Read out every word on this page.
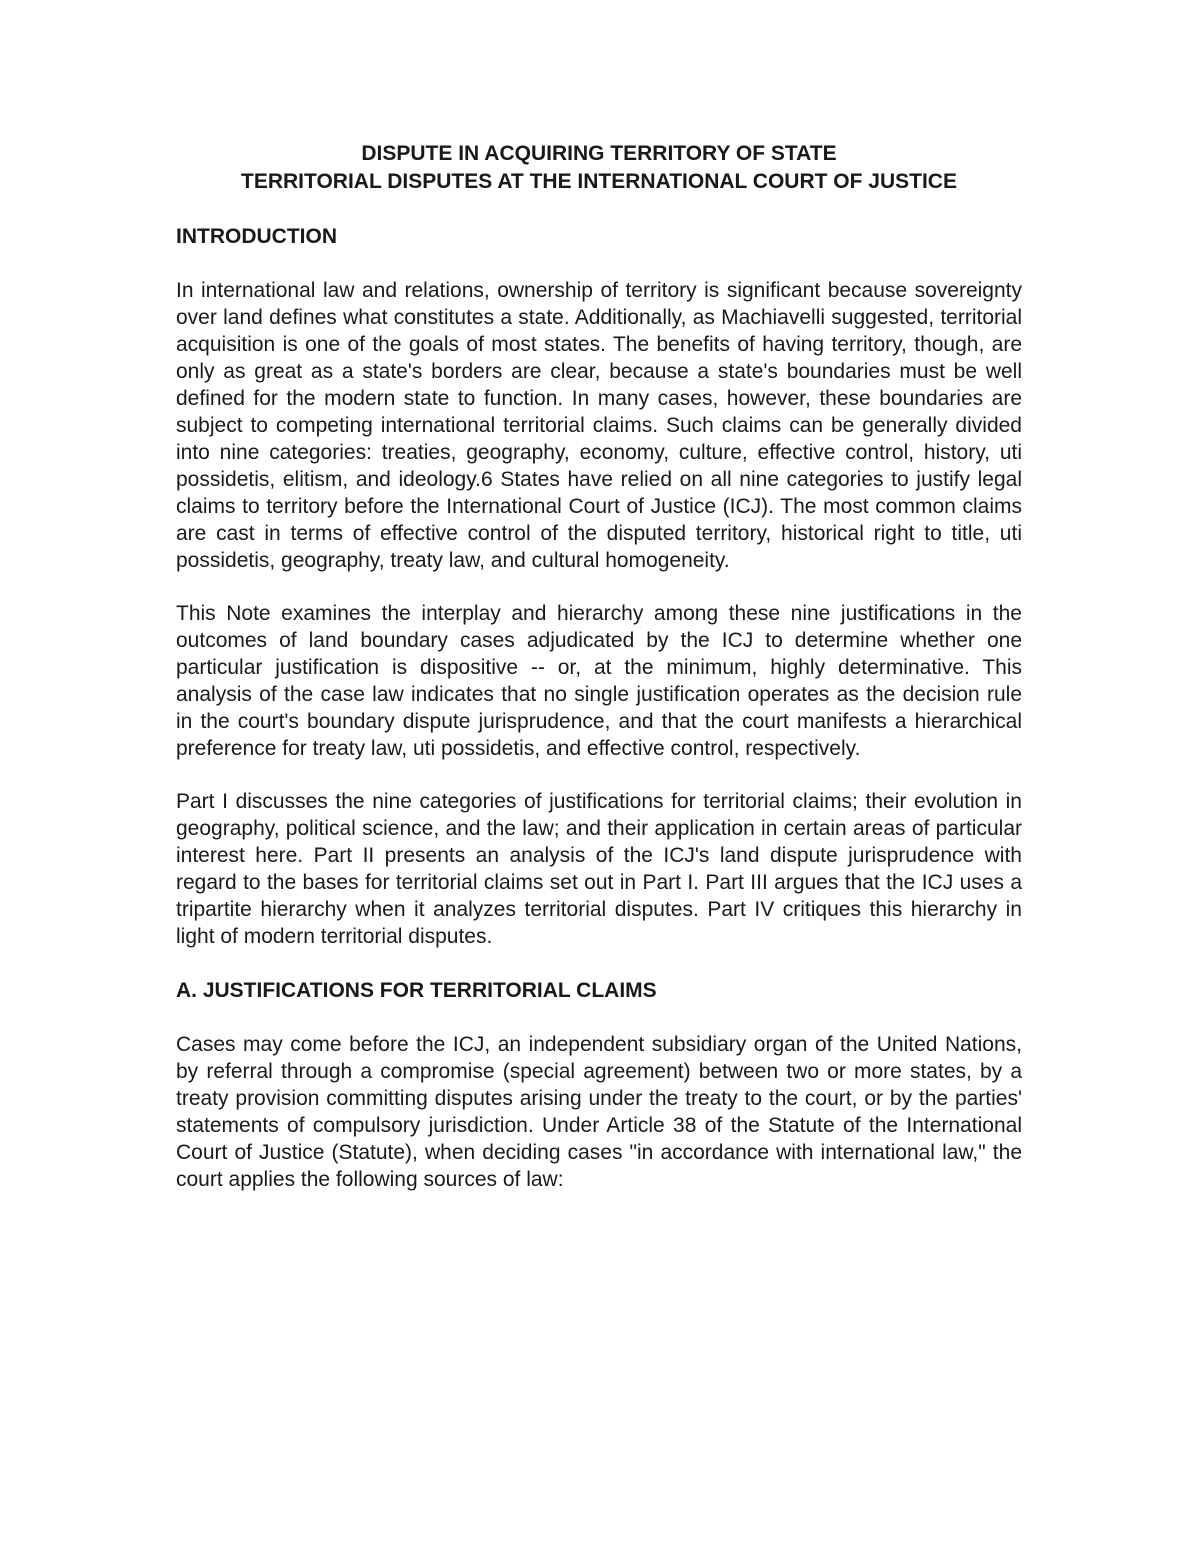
DISPUTE IN ACQUIRING TERRITORY OF STATE

TERRITORIAL DISPUTES AT THE INTERNATIONAL COURT OF JUSTICE

INTRODUCTION

In international law and relations, ownership of territory is significant because sovereignty over land defines what constitutes a state. Additionally, as Machiavelli suggested, territorial acquisition is one of the goals of most states. The benefits of having territory, though, are only as great as a state's borders are clear, because a state's boundaries must be well defined for the modern state to function. In many cases, however, these boundaries are subject to competing international territorial claims. Such claims can be generally divided into nine categories: treaties, geography, economy, culture, effective control, history, uti possidetis, elitism, and ideology.6 States have relied on all nine categories to justify legal claims to territory before the International Court of Justice (ICJ). The most common claims are cast in terms of effective control of the disputed territory, historical right to title, uti possidetis, geography, treaty law, and cultural homogeneity.

This Note examines the interplay and hierarchy among these nine justifications in the outcomes of land boundary cases adjudicated by the ICJ to determine whether one particular justification is dispositive -- or, at the minimum, highly determinative. This analysis of the case law indicates that no single justification operates as the decision rule in the court's boundary dispute jurisprudence, and that the court manifests a hierarchical preference for treaty law, uti possidetis, and effective control, respectively.

Part I discusses the nine categories of justifications for territorial claims; their evolution in geography, political science, and the law; and their application in certain areas of particular interest here. Part II presents an analysis of the ICJ's land dispute jurisprudence with regard to the bases for territorial claims set out in Part I. Part III argues that the ICJ uses a tripartite hierarchy when it analyzes territorial disputes. Part IV critiques this hierarchy in light of modern territorial disputes.

A. JUSTIFICATIONS FOR TERRITORIAL CLAIMS

Cases may come before the ICJ, an independent subsidiary organ of the United Nations, by referral through a compromise (special agreement) between two or more states, by a treaty provision committing disputes arising under the treaty to the court, or by the parties' statements of compulsory jurisdiction. Under Article 38 of the Statute of the International Court of Justice (Statute), when deciding cases "in accordance with international law," the court applies the following sources of law:
